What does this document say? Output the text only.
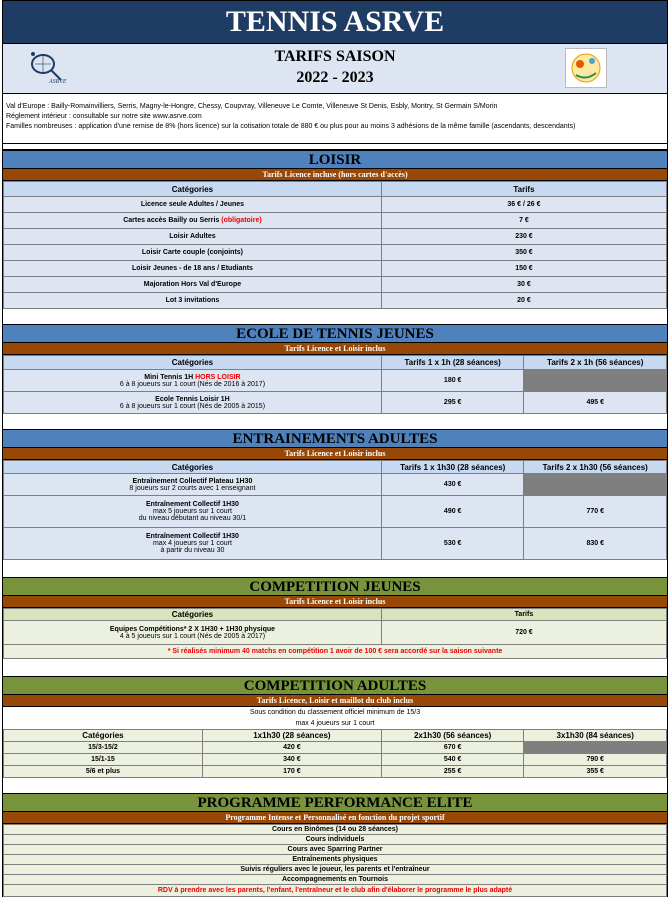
TENNIS ASRVE
ASRVE
TARIFS SAISON
2022 - 2023
Val d'Europe : Bailly-Romainvilliers, Serris, Magny-le-Hongre, Chessy, Coupvray, Villeneuve Le Comte, Villeneuve St Denis, Esbly, Montry, St Germain S/Morin
Réglement intérieur : consultable sur notre site www.asrve.com
Familles nombreuses : application d'une remise de 8% (hors licence) sur la cotisation totale de 880 € ou plus pour au moins 3 adhésions de la même famille (ascendants, descendants)
LOISIR
Tarifs Licence incluse (hors cartes d'accès)
Catégories	Tarifs
Licence seule Adultes / Jeunes	36 € / 26 €
Cartes accès Bailly ou Serris (obligatoire)	7 €
Loisir Adultes	230 €
Loisir Carte couple (conjoints)	350 €
Loisir Jeunes - de 18 ans / Etudiants	150 €
Majoration Hors Val d'Europe	30 €
Lot 3 invitations	20 €
ECOLE DE TENNIS JEUNES
Tarifs Licence et Loisir inclus
Catégories	Tarifs 1 x 1h (28 séances)	Tarifs 2 x 1h (56 séances)

Mini Tennis 1H HORS LOISIR
6 à 8 joueurs sur 1 court (Nés de 2016 à 2017)	180 €	

Ecole Tennis Loisir 1H
6 à 8 joueurs sur 1 court (Nés de 2005 à 2015)	295 €	495 €
ENTRAINEMENTS ADULTES
Tarifs Licence et Loisir inclus
Catégories	Tarifs 1 x 1h30 (28 séances)	Tarifs 2 x 1h30 (56 séances)

Entraînement Collectif Plateau 1H30
8 joueurs sur 2 courts avec 1 enseignant	430 €	

Entraînement Collectif 1H30
max 5 joueurs sur 1 court
du niveau débutant au niveau 30/1	490 €	770 €

Entraînement Collectif 1H30
max 4 joueurs sur 1 court
à partir du niveau 30	530 €	830 €
COMPETITION JEUNES
Tarifs Licence et Loisir inclus
Catégories	Tarifs

Equipes Compétitions* 2 X 1H30 + 1H30 physique
4 à 5 joueurs sur 1 court (Nés de 2005 à 2017)	720 €
* Si réalisés minimum 40 matchs en compétition 1 avoir de 100 € sera accordé sur la saison suivante	
COMPETITION ADULTES
Tarifs Licence, Loisir et maillot du club inclus
Sous condition du classement officiel minimum de 15/3			
max 4 joueurs sur 1 court			
Catégories	1x1h30 (28 séances)	2x1h30 (56 séances)	3x1h30 (84 séances)
15/3-15/2	420 €	670 €	
15/1-15	340 €	540 €	790 €
5/6 et plus	170 €	255 €	355 €
PROGRAMME PERFORMANCE ELITE
Programme Intense et Personnalisé en fonction du projet sportif
Cours en Binômes (14 ou 28 séances)
Cours individuels
Cours avec Sparring Partner
Entraînements physiques
Suivis réguliers avec le joueur, les parents et l'entraîneur
Accompagnements en Tournois
RDV à prendre avec les parents, l'enfant, l'entraîneur et le club afin d'élaborer le programme le plus adapté
